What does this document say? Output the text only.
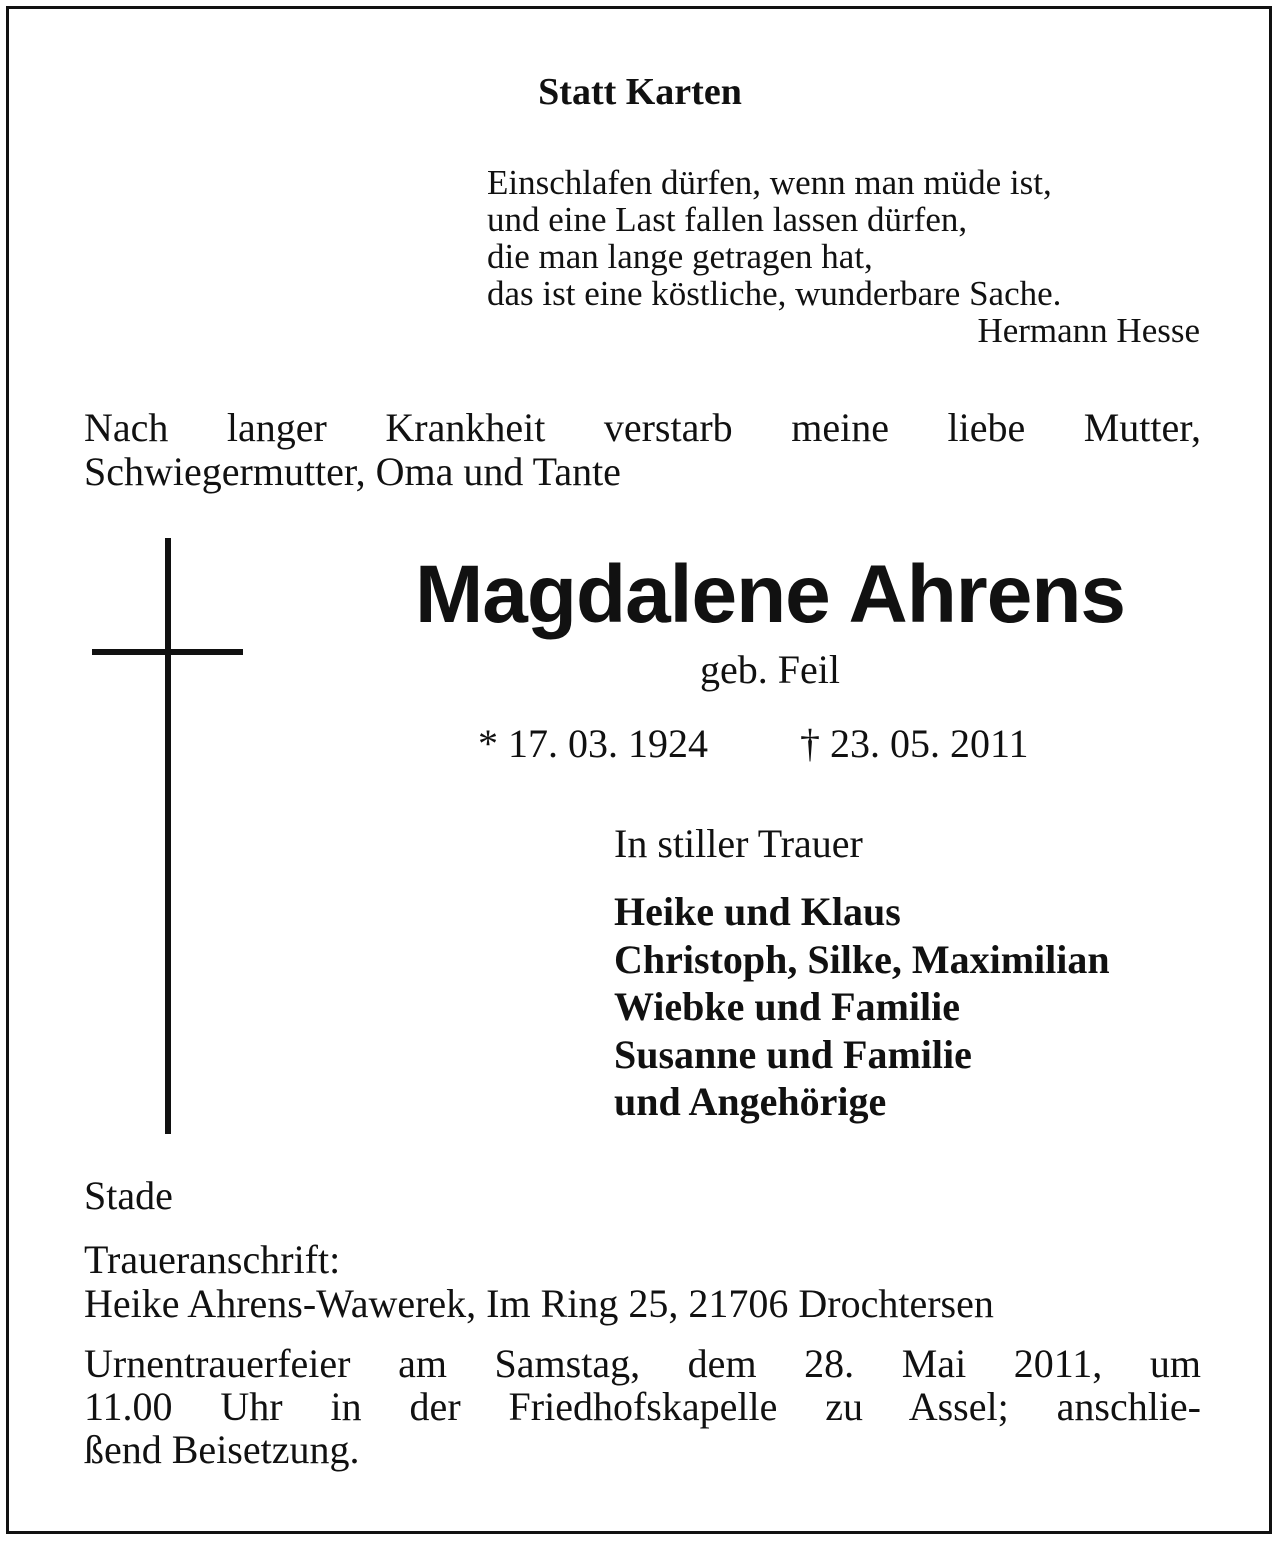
Statt Karten
Einschlafen dürfen, wenn man müde ist,
und eine Last fallen lassen dürfen,
die man lange getragen hat,
das ist eine köstliche, wunderbare Sache.
Hermann Hesse
Nach langer Krankheit verstarb meine liebe Mutter, Schwiegermutter, Oma und Tante
Magdalene Ahrens
geb. Feil
* 17. 03. 1924 † 23. 05. 2011
In stiller Trauer
Heike und Klaus
Christoph, Silke, Maximilian
Wiebke und Familie
Susanne und Familie
und Angehörige
Stade
Traueranschrift:
Heike Ahrens-Wawerek, Im Ring 25, 21706 Drochtersen
Urnentrauerfeier am Samstag, dem 28. Mai 2011, um
11.00 Uhr in der Friedhofskapelle zu Assel; anschlie-
ßend Beisetzung.
